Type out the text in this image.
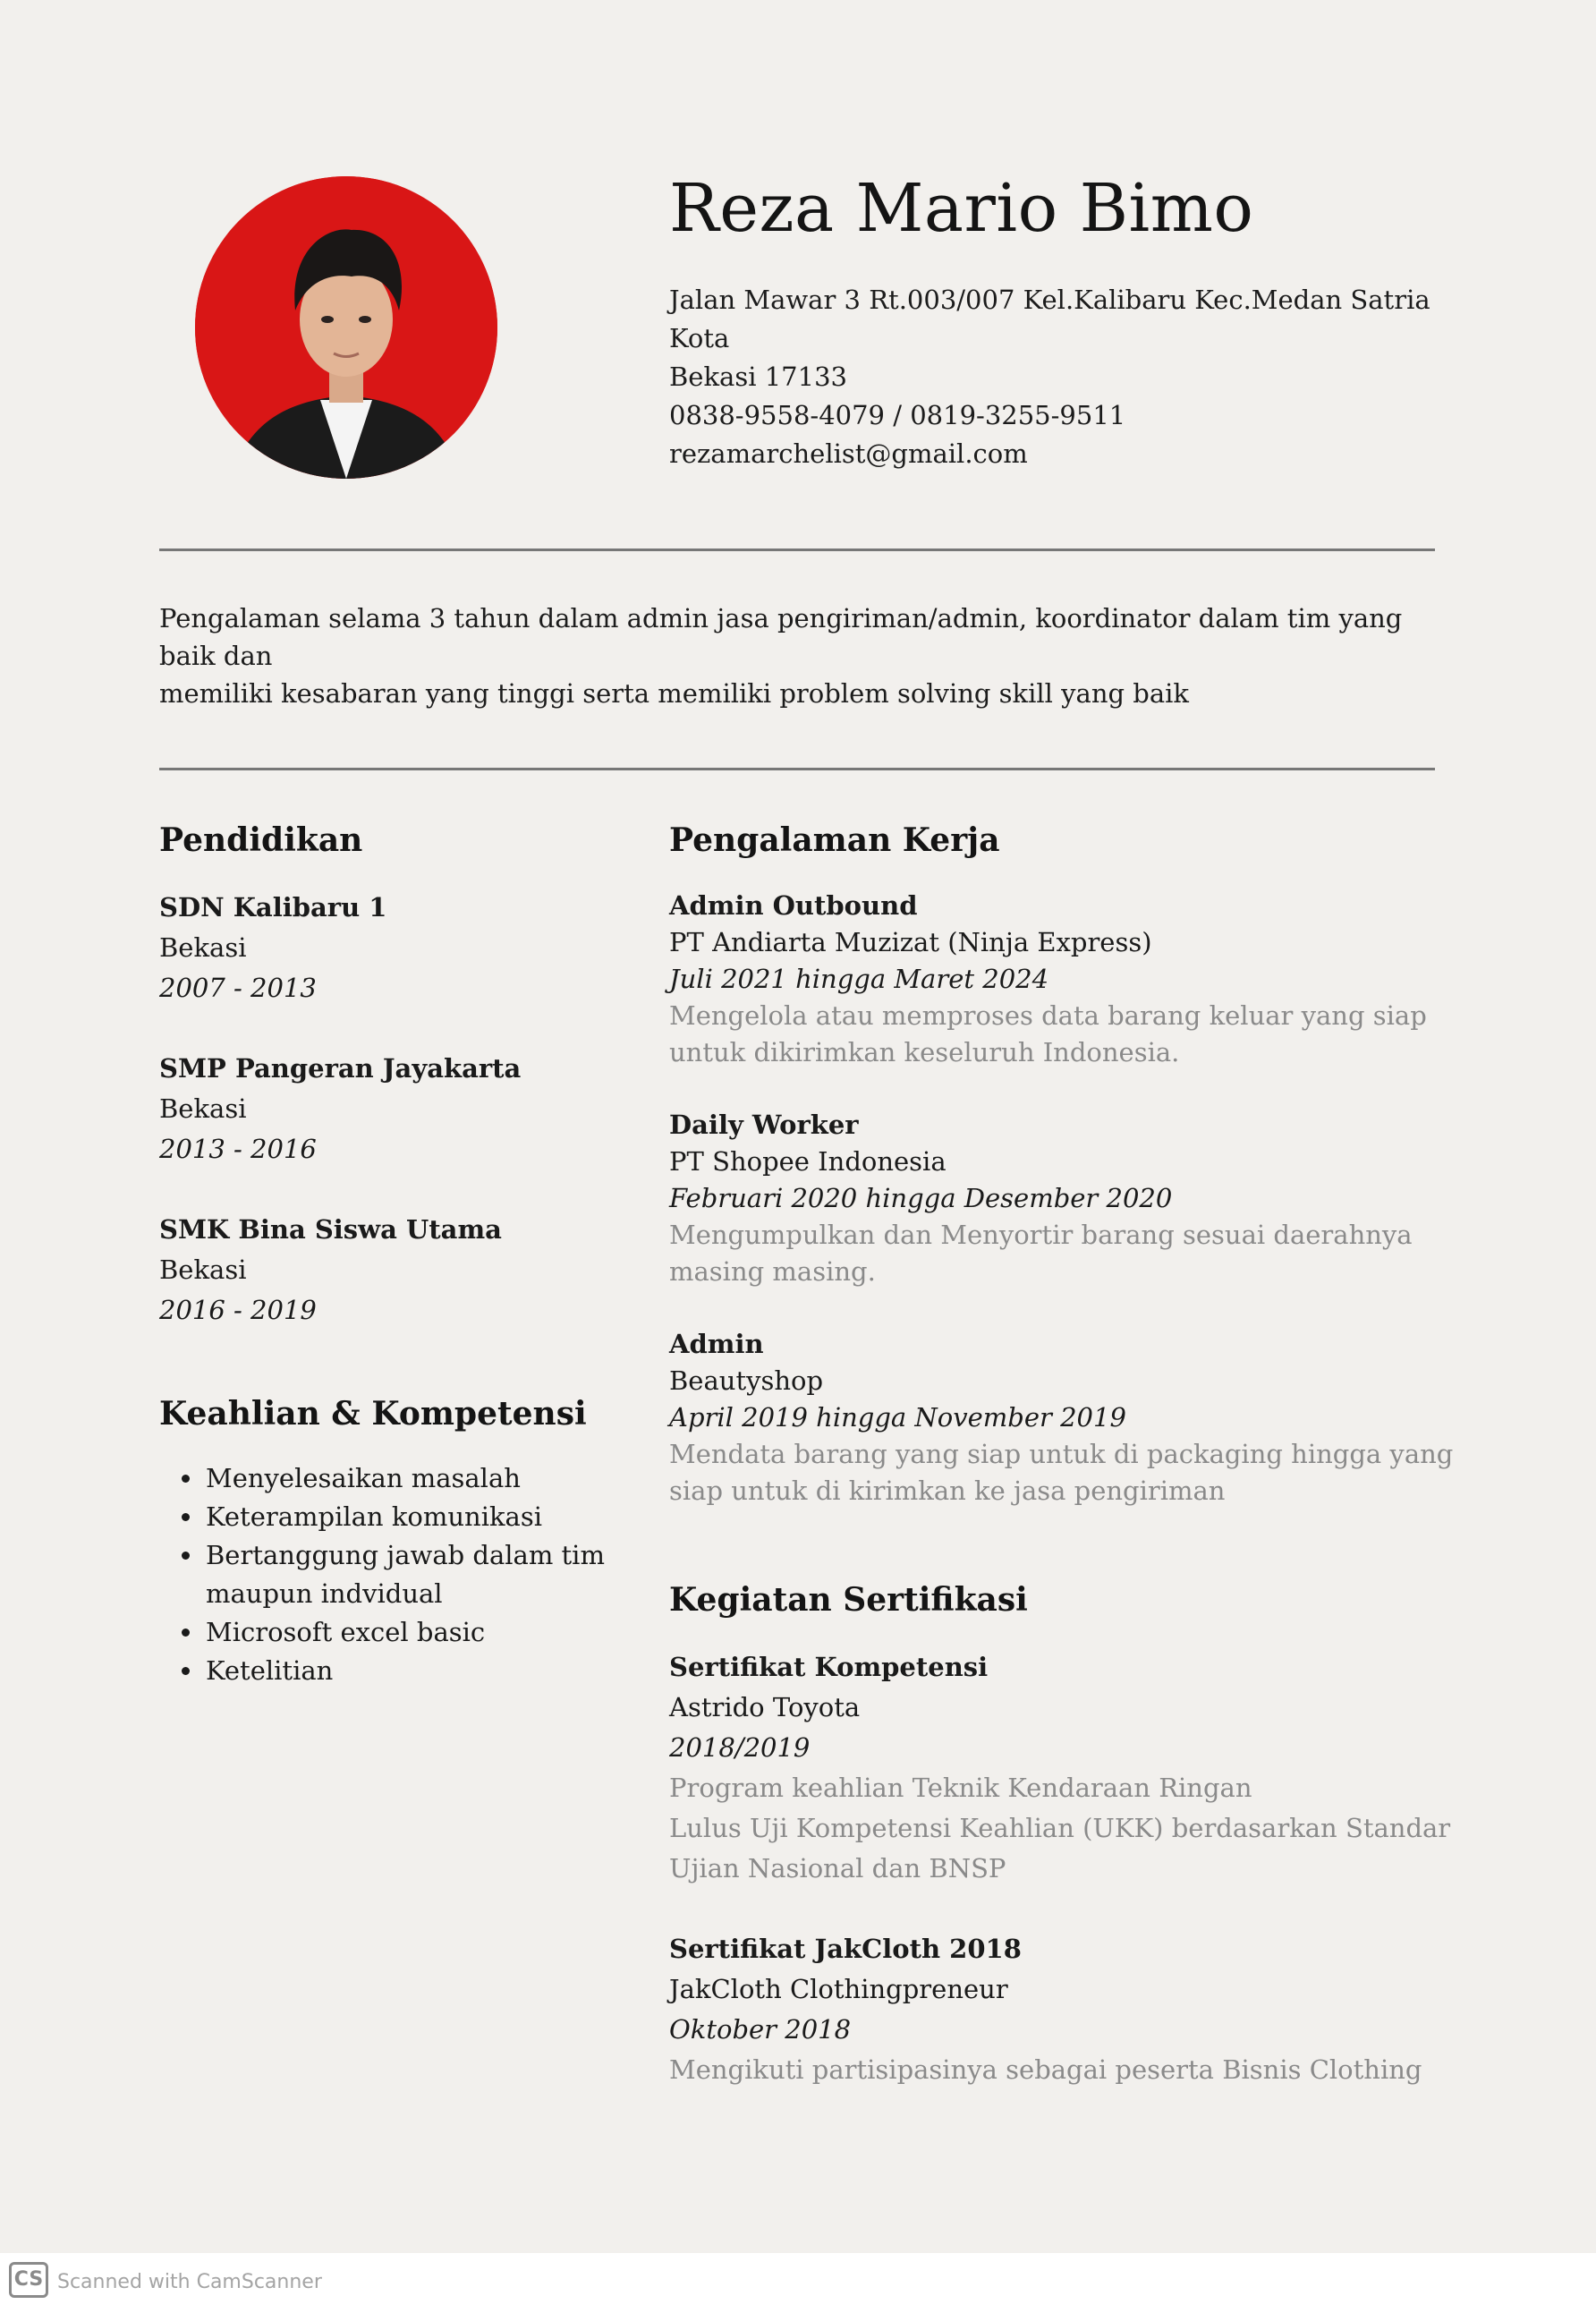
Reza Mario Bimo
Jalan Mawar 3 Rt.003/007 Kel.Kalibaru Kec.Medan Satria Kota
Bekasi 17133
0838-9558-4079 / 0819-3255-9511
rezamarchelist@gmail.com
Pengalaman selama 3 tahun dalam admin jasa pengiriman/admin, koordinator dalam tim yang baik dan
memiliki kesabaran yang tinggi serta memiliki problem solving skill yang baik
Pendidikan
SDN Kalibaru 1
Bekasi
2007 - 2013
SMP Pangeran Jayakarta
Bekasi
2013 - 2016
SMK Bina Siswa Utama
Bekasi
2016 - 2019
Keahlian & Kompetensi
• Menyelesaikan masalah
• Keterampilan komunikasi
• Bertanggung jawab dalam tim maupun indvidual
• Microsoft excel basic
• Ketelitian
Pengalaman Kerja
Admin Outbound
PT Andiarta Muzizat (Ninja Express)
Juli 2021 hingga Maret 2024
Mengelola atau memproses data barang keluar yang siap untuk dikirimkan keseluruh Indonesia.
Daily Worker
PT Shopee Indonesia
Februari 2020 hingga Desember 2020
Mengumpulkan dan Menyortir barang sesuai daerahnya masing masing.
Admin
Beautyshop
April 2019 hingga November 2019
Mendata barang yang siap untuk di packaging hingga yang siap untuk di kirimkan ke jasa pengiriman
Kegiatan Sertifikasi
Sertifikat Kompetensi
Astrido Toyota
2018/2019
Program keahlian Teknik Kendaraan Ringan
Lulus Uji Kompetensi Keahlian (UKK) berdasarkan Standar Ujian Nasional dan BNSP
Sertifikat JakCloth 2018
JakCloth Clothingpreneur
Oktober 2018
Mengikuti partisipasinya sebagai peserta Bisnis Clothing
CS Scanned with CamScanner
